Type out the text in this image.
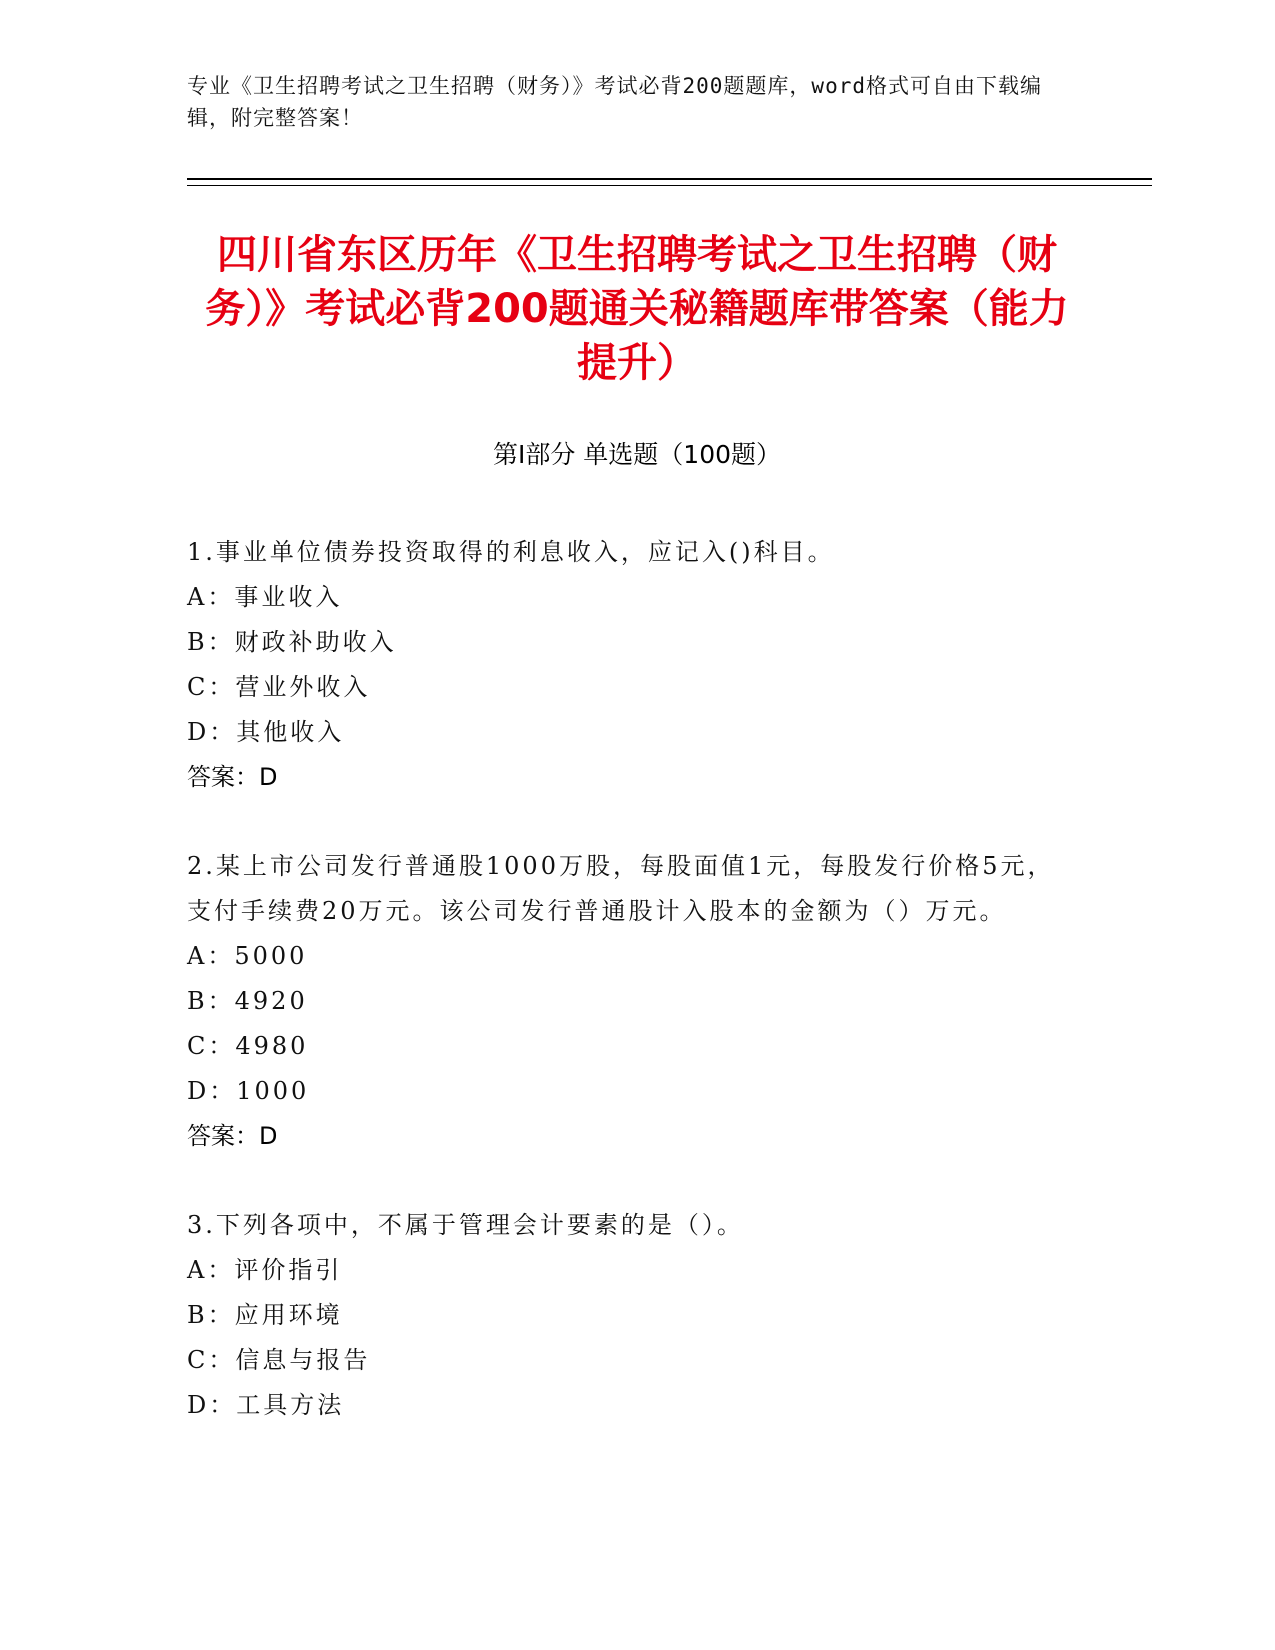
专业《卫生招聘考试之卫生招聘（财务）》考试必背200题题库，word格式可自由下载编辑，附完整答案！
四川省东区历年《卫生招聘考试之卫生招聘（财务）》考试必背200题通关秘籍题库带答案（能力提升）
第Ⅰ部分 单选题（100题）

1.事业单位债券投资取得的利息收入，应记入()科目。

A：事业收入

B：财政补助收入

C：营业外收入

D：其他收入

答案：D

2.某上市公司发行普通股1000万股，每股面值1元，每股发行价格5元，支付手续费20万元。该公司发行普通股计入股本的金额为（）万元。

A：5000

B：4920

C：4980

D：1000

答案：D

3.下列各项中，不属于管理会计要素的是（）。

A：评价指引

B：应用环境

C：信息与报告

D：工具方法
